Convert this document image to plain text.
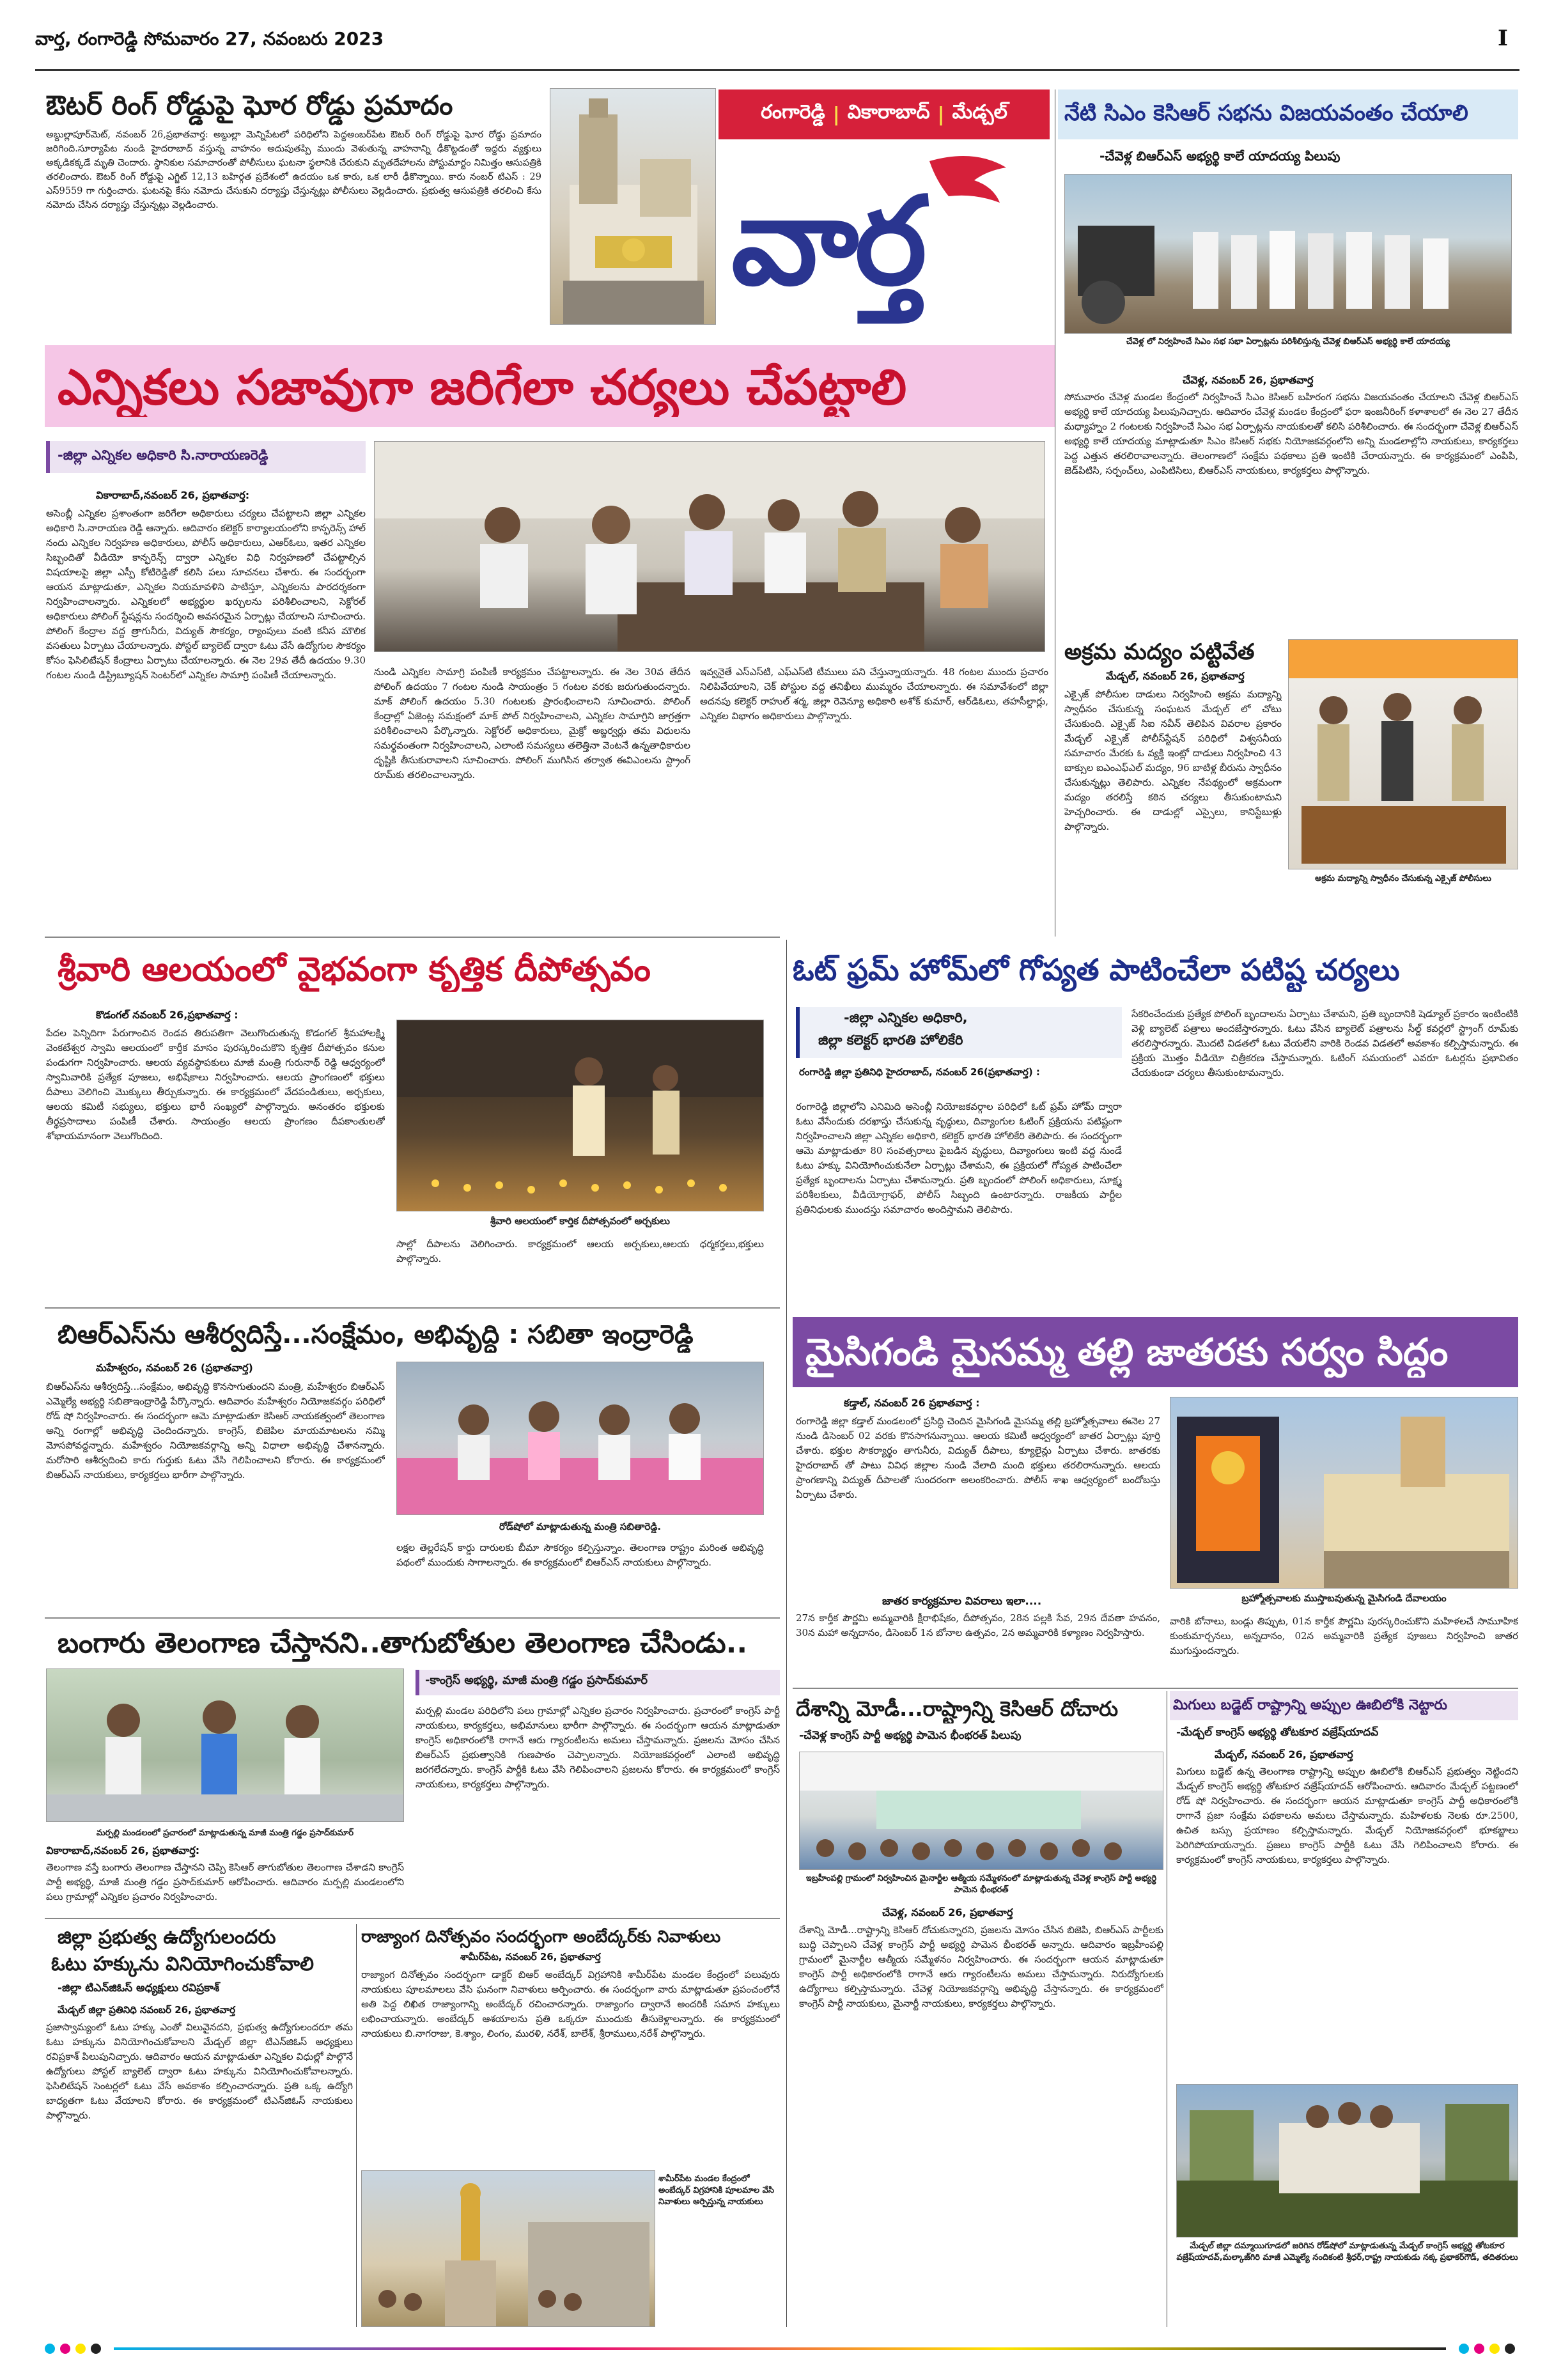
వార్త, రంగారెడ్డి సోమవారం 27, నవంబరు 2023	I
ఔటర్ రింగ్ రోడ్డుపై ఘోర రోడ్డు ప్రమాదం
అబ్దుల్లాపూర్‌మెట్, నవంబర్ 26,ప్రభాతవార్త: అబ్దుల్లా మెన్నిపేటలో పరిధిలోని పెద్దఅంబర్‌పేట ఔటర్ రింగ్ రోడ్డుపై ఘోర రోడ్డు ప్రమాదం జరిగింది.సూర్యాపేట నుండి హైదరాబాద్ వస్తున్న వాహనం అదుపుతప్పి ముందు వెళుతున్న వాహనాన్ని ఢీకొట్టడంతో ఇద్దరు వ్యక్తులు అక్కడికక్కడే మృతి చెందారు. స్థానికుల సమాచారంతో పోలీసులు ఘటనా స్థలానికి చేరుకుని మృతదేహాలను పోస్టుమార్టం నిమిత్తం ఆసుపత్రికి తరలించారు. ఔటర్ రింగ్ రోడ్డుపై ఎగ్జిట్ 12,13 బహిర్గత ప్రదేశంలో ఉదయం ఒక కారు, ఒక లారీ ఢీకొన్నాయి. కారు నంబర్ టిఎస్ : 29 ఎస్9559 గా గుర్తించారు. ఘటనపై కేసు నమోదు చేసుకుని దర్యాప్తు చేస్తున్నట్లు పోలీసులు వెల్లడించారు. ప్రభుత్వ ఆసుపత్రికి తరలించి కేసు నమోదు చేసిన దర్యాప్తు చేస్తున్నట్లు వెల్లడించారు.
రంగారెడ్డి | వికారాబాద్ | మేడ్చల్
వార్త
ఎన్నికలు సజావుగా జరిగేలా చర్యలు చేపట్టాలి
-జిల్లా ఎన్నికల అధికారి సి.నారాయణరెడ్డి
వికారాబాద్,నవంబర్ 26, ప్రభాతవార్త:
అసెంబ్లీ ఎన్నికల ప్రశాంతంగా జరిగేలా అధికారులు చర్యలు చేపట్టాలని జిల్లా ఎన్నికల అధికారి సి.నారాయణ రెడ్డి ఆన్నారు. ఆదివారం కలెక్టర్ కార్యాలయంలోని కాన్ఫరెన్స్ హాల్ నందు ఎన్నికల నిర్వహణ అధికారులు, పోలీస్ అధికారులు, ఎఆర్‌ఓలు, ఇతర ఎన్నికల సిబ్బందితో వీడియో కాన్ఫరెన్స్ ద్వారా ఎన్నికల విధి నిర్వహణలో చేపట్టాల్సిన విషయాలపై జిల్లా ఎస్పీ కోటిరెడ్డితో కలిసి పలు సూచనలు చేశారు. ఈ సందర్భంగా ఆయన మాట్లాడుతూ, ఎన్నికల నియమావళిని పాటిస్తూ, ఎన్నికలను పారదర్శకంగా నిర్వహించాలన్నారు. ఎన్నికలలో అభ్యర్థుల ఖర్చులను పరిశీలించాలని, సెక్టోరల్ అధికారులు పోలింగ్ స్టేషన్లను సందర్శించి అవసరమైన ఏర్పాట్లు చేయాలని సూచించారు. పోలింగ్ కేంద్రాల వద్ద త్రాగునీరు, విద్యుత్ సౌకర్యం, ర్యాంపులు వంటి కనీస మౌలిక వసతులు ఏర్పాటు చేయాలన్నారు. పోస్టల్ బ్యాలెట్ ద్వారా ఓటు వేసే ఉద్యోగుల సౌకర్యం కోసం ఫెసిలిటేషన్ కేంద్రాలు ఏర్పాటు చేయాలన్నారు. ఈ నెల 29వ తేదీ ఉదయం 9.30 గంటల నుండి డిస్ట్రిబ్యూషన్ సెంటర్‌లో ఎన్నికల సామాగ్రి పంపిణీ చేయాలన్నారు.	నుండి ఎన్నికల సామాగ్రి పంపిణీ కార్యక్రమం చేపట్టాలన్నారు. ఈ నెల 30వ తేదీన పోలింగ్ ఉదయం 7 గంటల నుండి సాయంత్రం 5 గంటల వరకు జరుగుతుందన్నారు. మాక్ పోలింగ్ ఉదయం 5.30 గంటలకు ప్రారంభించాలని సూచించారు. పోలింగ్ కేంద్రాల్లో ఏజెంట్ల సమక్షంలో మాక్ పోల్ నిర్వహించాలని, ఎన్నికల సామాగ్రిని జాగ్రత్తగా పరిశీలించాలని పేర్కొన్నారు. సెక్టోరల్ అధికారులు, మైక్రో అబ్జర్వర్లు తమ విధులను సమర్థవంతంగా నిర్వహించాలని, ఎలాంటి సమస్యలు తలెత్తినా వెంటనే ఉన్నతాధికారుల దృష్టికి తీసుకురావాలని సూచించారు. పోలింగ్ ముగిసిన తర్వాత ఈవిఎంలను స్ట్రాంగ్ రూమ్‌కు తరలించాలన్నారు.
ఇవ్వనైతే ఎస్‌ఎస్‌టి, ఎఫ్‌ఎస్‌టి టీములు పని చేస్తున్నాయన్నారు. 48 గంటల ముందు ప్రచారం నిలిపివేయాలని, చెక్ పోస్టుల వద్ద తనిఖీలు ముమ్మరం చేయాలన్నారు. ఈ సమావేశంలో జిల్లా అదనపు కలెక్టర్ రాహుల్ శర్మ, జిల్లా రెవెన్యూ అధికారి అశోక్ కుమార్, ఆర్‌డిఓలు, తహసీల్దార్లు, ఎన్నికల విభాగం అధికారులు పాల్గొన్నారు.
నేటి సిఎం కెసిఆర్ సభను విజయవంతం చేయాలి
-చేవెళ్ల బిఆర్‌ఎస్ అభ్యర్థి కాలే యాదయ్య పిలుపు
చేవెళ్ల లో నిర్వహించే సిఎం సభ సభా ఏర్పాట్లను పరిశీలిస్తున్న చేవెళ్ల బిఆర్‌ఎస్ అభ్యర్థి కాలే యాదయ్య
చేవెళ్ల, నవంబర్ 26, ప్రభాతవార్త
సోమవారం చేవెళ్ల మండల కేంద్రంలో నిర్వహించే సిఎం కెసిఆర్ బహిరంగ సభను విజయవంతం చేయాలని చేవెళ్ల బిఆర్‌ఎస్ అభ్యర్థి కాలే యాదయ్య పిలుపునిచ్చారు. ఆదివారం చేవెళ్ల మండల కేంద్రంలో ఫరా ఇంజనీరింగ్ కళాశాలలో ఈ నెల 27 తేదీన మధ్యాహ్నం 2 గంటలకు నిర్వహించే సిఎం సభ ఏర్పాట్లను నాయకులతో కలిసి పరిశీలించారు. ఈ సందర్భంగా చేవెళ్ల బిఆర్‌ఎస్ అభ్యర్థి కాలే యాదయ్య మాట్లాడుతూ సిఎం కెసిఆర్ సభకు నియోజకవర్గంలోని అన్ని మండలాల్లోని నాయకులు, కార్యకర్తలు పెద్ద ఎత్తున తరలిరావాలన్నారు. తెలంగాణలో సంక్షేమ పథకాలు ప్రతి ఇంటికి చేరాయన్నారు. ఈ కార్యక్రమంలో ఎంపిపి, జెడ్‌పిటిసి, సర్పంచ్‌లు, ఎంపిటిసిలు, బిఆర్‌ఎస్ నాయకులు, కార్యకర్తలు పాల్గొన్నారు.
అక్రమ మద్యం పట్టివేత
మేడ్చల్, నవంబర్ 26, ప్రభాతవార్త
ఎక్సైజ్ పోలీసుల దాడులు నిర్వహించి అక్రమ మద్యాన్ని స్వాధీనం చేసుకున్న సంఘటన మేడ్చల్ లో చోటు చేసుకుంది. ఎక్సైజ్ సిఐ నవీన్ తెలిపిన వివరాల ప్రకారం మేడ్చల్ ఎక్సైజ్ పోలీస్‌స్టేషన్ పరిధిలో విశ్వసనీయ సమాచారం మేరకు ఓ వ్యక్తి ఇంట్లో దాడులు నిర్వహించి 43 బాక్సుల ఐఎంఎఫ్‌ఎల్ మద్యం, 96 బాటిళ్ల బీరును స్వాధీనం చేసుకున్నట్లు తెలిపారు. ఎన్నికల నేపథ్యంలో అక్రమంగా మద్యం తరలిస్తే కఠిన చర్యలు తీసుకుంటామని హెచ్చరించారు. ఈ దాడుల్లో ఎస్సైలు, కానిస్టేబుళ్లు పాల్గొన్నారు.
అక్రమ మద్యాన్ని స్వాధీనం చేసుకున్న ఎక్సైజ్ పోలీసులు
శ్రీవారి ఆలయంలో వైభవంగా కృత్తిక దీపోత్సవం
కొడంగల్ నవంబర్ 26,ప్రభాతవార్త :
పేదల పెన్నిదిగా పేరుగాంచిన రెండవ తిరుపతిగా వెలుగొందుతున్న కొడంగల్ శ్రీమహాలక్ష్మి వెంకటేశ్వర స్వామి ఆలయంలో కార్తీక మాసం పురస్కరించుకొని కృత్తిక దీపోత్సవం కనుల పండుగగా నిర్వహించారు. ఆలయ వ్యవస్థాపకులు మాజీ మంత్రి గురునాథ్ రెడ్డి ఆధ్వర్యంలో స్వామివారికి ప్రత్యేక పూజలు, అభిషేకాలు నిర్వహించారు. ఆలయ ప్రాంగణంలో భక్తులు దీపాలు వెలిగించి మొక్కులు తీర్చుకున్నారు. ఈ కార్యక్రమంలో వేదపండితులు, అర్చకులు, ఆలయ కమిటీ సభ్యులు, భక్తులు భారీ సంఖ్యలో పాల్గొన్నారు. అనంతరం భక్తులకు తీర్థప్రసాదాలు పంపిణీ చేశారు. సాయంత్రం ఆలయ ప్రాంగణం దీపకాంతులతో శోభాయమానంగా వెలుగొందింది.
శ్రీవారి ఆలయంలో కార్తిక దీపోత్సవంలో అర్చకులు
సాల్లో దీపాలను వెలిగించారు. కార్యక్రమంలో ఆలయ అర్చకులు,ఆలయ ధర్మకర్తలు,భక్తులు పాల్గొన్నారు.
ఓట్ ఫ్రమ్ హోమ్‌లో గోప్యత పాటించేలా పటిష్ట చర్యలు
-జిల్లా ఎన్నికల అధికారి,
జిల్లా కలెక్టర్ భారతి హోలికేరి
రంగారెడ్డి జిల్లా ప్రతినిధి హైదరాబాద్, నవంబర్ 26(ప్రభాతవార్త) :
రంగారెడ్డి జిల్లాలోని ఎనిమిది అసెంబ్లీ నియోజకవర్గాల పరిధిలో ఓట్ ఫ్రమ్ హోమ్ ద్వారా ఓటు వేసేందుకు దరఖాస్తు చేసుకున్న వృద్ధులు, దివ్యాంగుల ఓటింగ్ ప్రక్రియను పటిష్టంగా నిర్వహించాలని జిల్లా ఎన్నికల అధికారి, కలెక్టర్ భారతి హోలికేరి తెలిపారు. ఈ సందర్భంగా ఆమె మాట్లాడుతూ 80 సంవత్సరాలు పైబడిన వృద్ధులు, దివ్యాంగులు ఇంటి వద్ద నుండే ఓటు హక్కు వినియోగించుకునేలా ఏర్పాట్లు చేశామని, ఈ ప్రక్రియలో గోప్యత పాటించేలా ప్రత్యేక బృందాలను ఏర్పాటు చేశామన్నారు. ప్రతి బృందంలో పోలింగ్ అధికారులు, సూక్ష్మ పరిశీలకులు, వీడియోగ్రాఫర్, పోలీస్ సిబ్బంది ఉంటారన్నారు. రాజకీయ పార్టీల ప్రతినిధులకు ముందస్తు సమాచారం అందిస్తామని తెలిపారు.
సేకరించేందుకు ప్రత్యేక పోలింగ్ బృందాలను ఏర్పాటు చేశామని, ప్రతి బృందానికి షెడ్యూల్ ప్రకారం ఇంటింటికి వెళ్లి బ్యాలెట్ పత్రాలు అందజేస్తారన్నారు. ఓటు వేసిన బ్యాలెట్ పత్రాలను సీల్డ్ కవర్లలో స్ట్రాంగ్ రూమ్‌కు తరలిస్తారన్నారు. మొదటి విడతలో ఓటు వేయలేని వారికి రెండవ విడతలో అవకాశం కల్పిస్తామన్నారు. ఈ ప్రక్రియ మొత్తం వీడియో చిత్రీకరణ చేస్తామన్నారు. ఓటింగ్ సమయంలో ఎవరూ ఓటర్లను ప్రభావితం చేయకుండా చర్యలు తీసుకుంటామన్నారు.
బిఆర్‌ఎస్‌ను ఆశీర్వదిస్తే...సంక్షేమం, అభివృద్ధి : సబితా ఇంద్రారెడ్డి
మహేశ్వరం, నవంబర్ 26 (ప్రభాతవార్త)
బిఆర్‌ఎస్‌ను ఆశీర్వదిస్తే...సంక్షేమం, అభివృద్ధి కొనసాగుతుందని మంత్రి, మహేశ్వరం బిఆర్‌ఎస్ ఎమ్మెల్యే అభ్యర్థి సబితాఇంద్రారెడ్డి పేర్కొన్నారు. ఆదివారం మహేశ్వరం నియోజకవర్గం పరిధిలో రోడ్ షో నిర్వహించారు. ఈ సందర్భంగా ఆమె మాట్లాడుతూ కెసిఆర్ నాయకత్వంలో తెలంగాణ అన్ని రంగాల్లో అభివృద్ధి చెందిందన్నారు. కాంగ్రెస్, బిజెపిల మాయమాటలను నమ్మి మోసపోవద్దన్నారు. మహేశ్వరం నియోజకవర్గాన్ని అన్ని విధాలా అభివృద్ధి చేశానన్నారు. మరోసారి ఆశీర్వదించి కారు గుర్తుకు ఓటు వేసి గెలిపించాలని కోరారు. ఈ కార్యక్రమంలో బిఆర్‌ఎస్ నాయకులు, కార్యకర్తలు భారీగా పాల్గొన్నారు.
రోడ్‌షోలో మాట్లాడుతున్న మంత్రి సబితారెడ్డి.
లక్షల తెల్లరేషన్ కార్డు దారులకు బీమా సౌకర్యం కల్పిస్తున్నాం. తెలంగాణ రాష్ట్రం మరింత అభివృద్ధి పథంలో ముందుకు సాగాలన్నారు. ఈ కార్యక్రమంలో బిఆర్‌ఎస్ నాయకులు పాల్గొన్నారు.
మైసిగండి మైసమ్మ తల్లి జాతరకు సర్వం సిద్ధం
కడ్తాల్, నవంబర్ 26 ప్రభాతవార్త :
రంగారెడ్డి జిల్లా కడ్తాల్ మండలంలో ప్రసిద్ధి చెందిన మైసిగండి మైసమ్మ తల్లి బ్రహ్మోత్సవాలు ఈనెల 27 నుండి డిసెంబర్ 02 వరకు కొనసాగనున్నాయి. ఆలయ కమిటీ ఆధ్వర్యంలో జాతర ఏర్పాట్లు పూర్తి చేశారు. భక్తుల సౌకర్యార్థం తాగునీరు, విద్యుత్ దీపాలు, క్యూలైన్లు ఏర్పాటు చేశారు. జాతరకు హైదరాబాద్ తో పాటు వివిధ జిల్లాల నుండి వేలాది మంది భక్తులు తరలిరానున్నారు. ఆలయ ప్రాంగణాన్ని విద్యుత్ దీపాలతో సుందరంగా అలంకరించారు. పోలీస్ శాఖ ఆధ్వర్యంలో బందోబస్తు ఏర్పాటు చేశారు.
జాతర కార్యక్రమాల వివరాలు ఇలా....
27న కార్తీక పౌర్ణమి అమ్మవారికి క్షీరాభిషేకం, దీపోత్సవం, 28న పల్లకి సేవ, 29న దేవతా హవనం, 30న మహా అన్నదానం, డిసెంబర్ 1న బోనాల ఉత్సవం, 2న అమ్మవారికి కళ్యాణం నిర్వహిస్తారు.
బ్రహ్మోత్సవాలకు ముస్తాబవుతున్న మైసిగండి దేవాలయం
వారికి బోనాలు, బండ్లు తిప్పుట, 01న కార్తీక పౌర్ణమి పురస్కరించుకొని మహిళలచే సామూహిక కుంకుమార్చనలు, అన్నదానం, 02న అమ్మవారికి ప్రత్యేక పూజలు నిర్వహించి జాతర ముగుస్తుందన్నారు.
బంగారు తెలంగాణ చేస్తానని..తాగుబోతుల తెలంగాణ చేసిండు..
మర్పల్లి మండలంలో ప్రచారంలో మాట్లాడుతున్న మాజీ మంత్రి గడ్డం ప్రసాద్‌కుమార్
-కాంగ్రెస్ అభ్యర్థి, మాజీ మంత్రి గడ్డం ప్రసాద్‌కుమార్
మర్పల్లి మండల పరిధిలోని పలు గ్రామాల్లో ఎన్నికల ప్రచారం నిర్వహించారు. ప్రచారంలో కాంగ్రెస్ పార్టీ నాయకులు, కార్యకర్తలు, అభిమానులు భారీగా పాల్గొన్నారు. ఈ సందర్భంగా ఆయన మాట్లాడుతూ కాంగ్రెస్ అధికారంలోకి రాగానే ఆరు గ్యారంటీలను అమలు చేస్తామన్నారు. ప్రజలను మోసం చేసిన బిఆర్‌ఎస్ ప్రభుత్వానికి గుణపాఠం చెప్పాలన్నారు. నియోజకవర్గంలో ఎలాంటి అభివృద్ధి జరగలేదన్నారు. కాంగ్రెస్ పార్టీకి ఓటు వేసి గెలిపించాలని ప్రజలను కోరారు. ఈ కార్యక్రమంలో కాంగ్రెస్ నాయకులు, కార్యకర్తలు పాల్గొన్నారు.
వికారాబాద్,నవంబర్ 26, ప్రభాతవార్త:
తెలంగాణ వస్తే బంగారు తెలంగాణ చేస్తానని చెప్పి కెసిఆర్ తాగుబోతుల తెలంగాణ చేశాడని కాంగ్రెస్ పార్టీ అభ్యర్థి, మాజీ మంత్రి గడ్డం ప్రసాద్‌కుమార్ ఆరోపించారు. ఆదివారం మర్పల్లి మండలంలోని పలు గ్రామాల్లో ఎన్నికల ప్రచారం నిర్వహించారు.
దేశాన్ని మోడీ...రాష్ట్రాన్ని కెసిఆర్ దోచారు
-చేవెళ్ల కాంగ్రెస్ పార్టీ అభ్యర్థి పామెన భీంభరత్ పిలుపు
ఇబ్రహీంపల్లి గ్రామంలో నిర్వహించిన మైనార్టీల ఆత్మీయ సమ్మేళనంలో మాట్లాడుతున్న చేవెళ్ల కాంగ్రెస్ పార్టీ అభ్యర్థి పామెన భీంభరత్
చేవెళ్ల, నవంబర్ 26, ప్రభాతవార్త
దేశాన్ని మోడీ...రాష్ట్రాన్ని కెసిఆర్ దోచుకున్నారని, ప్రజలను మోసం చేసిన బిజెపి, బిఆర్‌ఎస్ పార్టీలకు బుద్ధి చెప్పాలని చేవెళ్ల కాంగ్రెస్ పార్టీ అభ్యర్థి పామెన భీంభరత్ అన్నారు. ఆదివారం ఇబ్రహీంపల్లి గ్రామంలో మైనార్టీల ఆత్మీయ సమ్మేళనం నిర్వహించారు. ఈ సందర్భంగా ఆయన మాట్లాడుతూ కాంగ్రెస్ పార్టీ అధికారంలోకి రాగానే ఆరు గ్యారంటీలను అమలు చేస్తామన్నారు. నిరుద్యోగులకు ఉద్యోగాలు కల్పిస్తామన్నారు. చేవెళ్ల నియోజకవర్గాన్ని అభివృద్ధి చేస్తానన్నారు. ఈ కార్యక్రమంలో కాంగ్రెస్ పార్టీ నాయకులు, మైనార్టీ నాయకులు, కార్యకర్తలు పాల్గొన్నారు.
మిగులు బడ్జెట్ రాష్ట్రాన్ని అప్పుల ఊబిలోకి నెట్టారు
-మేడ్చల్ కాంగ్రెస్ అభ్యర్థి తోటకూర వజ్రేష్‌యాదవ్
మేడ్చల్, నవంబర్ 26, ప్రభాతవార్త
మిగులు బడ్జెట్ ఉన్న తెలంగాణ రాష్ట్రాన్ని అప్పుల ఊబిలోకి బిఆర్‌ఎస్ ప్రభుత్వం నెట్టిందని మేడ్చల్ కాంగ్రెస్ అభ్యర్థి తోటకూర వజ్రేష్‌యాదవ్ ఆరోపించారు. ఆదివారం మేడ్చల్ పట్టణంలో రోడ్ షో నిర్వహించారు. ఈ సందర్భంగా ఆయన మాట్లాడుతూ కాంగ్రెస్ పార్టీ అధికారంలోకి రాగానే ప్రజా సంక్షేమ పథకాలను అమలు చేస్తామన్నారు. మహిళలకు నెలకు రూ.2500, ఉచిత బస్సు ప్రయాణం కల్పిస్తామన్నారు. మేడ్చల్ నియోజకవర్గంలో భూకబ్జాలు పెరిగిపోయాయన్నారు. ప్రజలు కాంగ్రెస్ పార్టీకి ఓటు వేసి గెలిపించాలని కోరారు. ఈ కార్యక్రమంలో కాంగ్రెస్ నాయకులు, కార్యకర్తలు పాల్గొన్నారు.
మేడ్చల్ జిల్లా దమ్మాయిగూడలో జరిగిన రోడ్‌షోలో మాట్లాడుతున్న మేడ్చల్ కాంగ్రెస్ అభ్యర్థి తోటకూర వజ్రేష్‌యాదవ్,మల్కాజ్‌గిరి మాజీ ఎమ్మెల్యే నందికంటి శ్రీధర్,రాష్ట్ర నాయకుడు నక్క ప్రభాకర్‌గౌడ్, తదితరులు
జిల్లా ప్రభుత్వ ఉద్యోగులందరు
ఓటు హక్కును వినియోగించుకోవాలి
-జిల్లా టిఎన్‌జిఓస్ అధ్యక్షులు రవిప్రకాశ్
మేడ్చల్ జిల్లా ప్రతినిధి నవంబర్ 26, ప్రభాతవార్త
ప్రజాస్వామ్యంలో ఓటు హక్కు ఎంతో విలువైనదని, ప్రభుత్వ ఉద్యోగులందరూ తమ ఓటు హక్కును వినియోగించుకోవాలని మేడ్చల్ జిల్లా టిఎన్‌జిఓస్ అధ్యక్షులు రవిప్రకాశ్ పిలుపునిచ్చారు. ఆదివారం ఆయన మాట్లాడుతూ ఎన్నికల విధుల్లో పాల్గొనే ఉద్యోగులు పోస్టల్ బ్యాలెట్ ద్వారా ఓటు హక్కును వినియోగించుకోవాలన్నారు. ఫెసిలిటేషన్ సెంటర్లలో ఓటు వేసే అవకాశం కల్పించారన్నారు. ప్రతి ఒక్క ఉద్యోగి బాధ్యతగా ఓటు వేయాలని కోరారు. ఈ కార్యక్రమంలో టిఎన్‌జిఓస్ నాయకులు పాల్గొన్నారు.
రాజ్యాంగ దినోత్సవం సందర్భంగా అంబేద్కర్‌కు నివాళులు
శామీర్‌పేట, నవంబర్ 26, ప్రభాతవార్త
రాజ్యాంగ దినోత్సవం సందర్భంగా డాక్టర్ బిఆర్ అంబేద్కర్ విగ్రహానికి శామీర్‌పేట మండల కేంద్రంలో పలువురు నాయకులు పూలమాలలు వేసి ఘనంగా నివాళులు అర్పించారు. ఈ సందర్భంగా వారు మాట్లాడుతూ ప్రపంచంలోనే అతి పెద్ద లిఖిత రాజ్యాంగాన్ని అంబేద్కర్ రచించారన్నారు. రాజ్యాంగం ద్వారానే అందరికీ సమాన హక్కులు లభించాయన్నారు. అంబేద్కర్ ఆశయాలను ప్రతి ఒక్కరూ ముందుకు తీసుకెళ్లాలన్నారు. ఈ కార్యక్రమంలో నాయకులు బి.నాగరాజు, కె.శ్యాం, లింగం, మురళి, నరేశ్, బాలేశ్, శ్రీరాములు,నరేశ్ పాల్గొన్నారు.
శామీర్‌పేట మండల కేంద్రంలో అంబేద్కర్ విగ్రహానికి పూలమాల వేసి నివాళులు అర్పిస్తున్న నాయకులు
